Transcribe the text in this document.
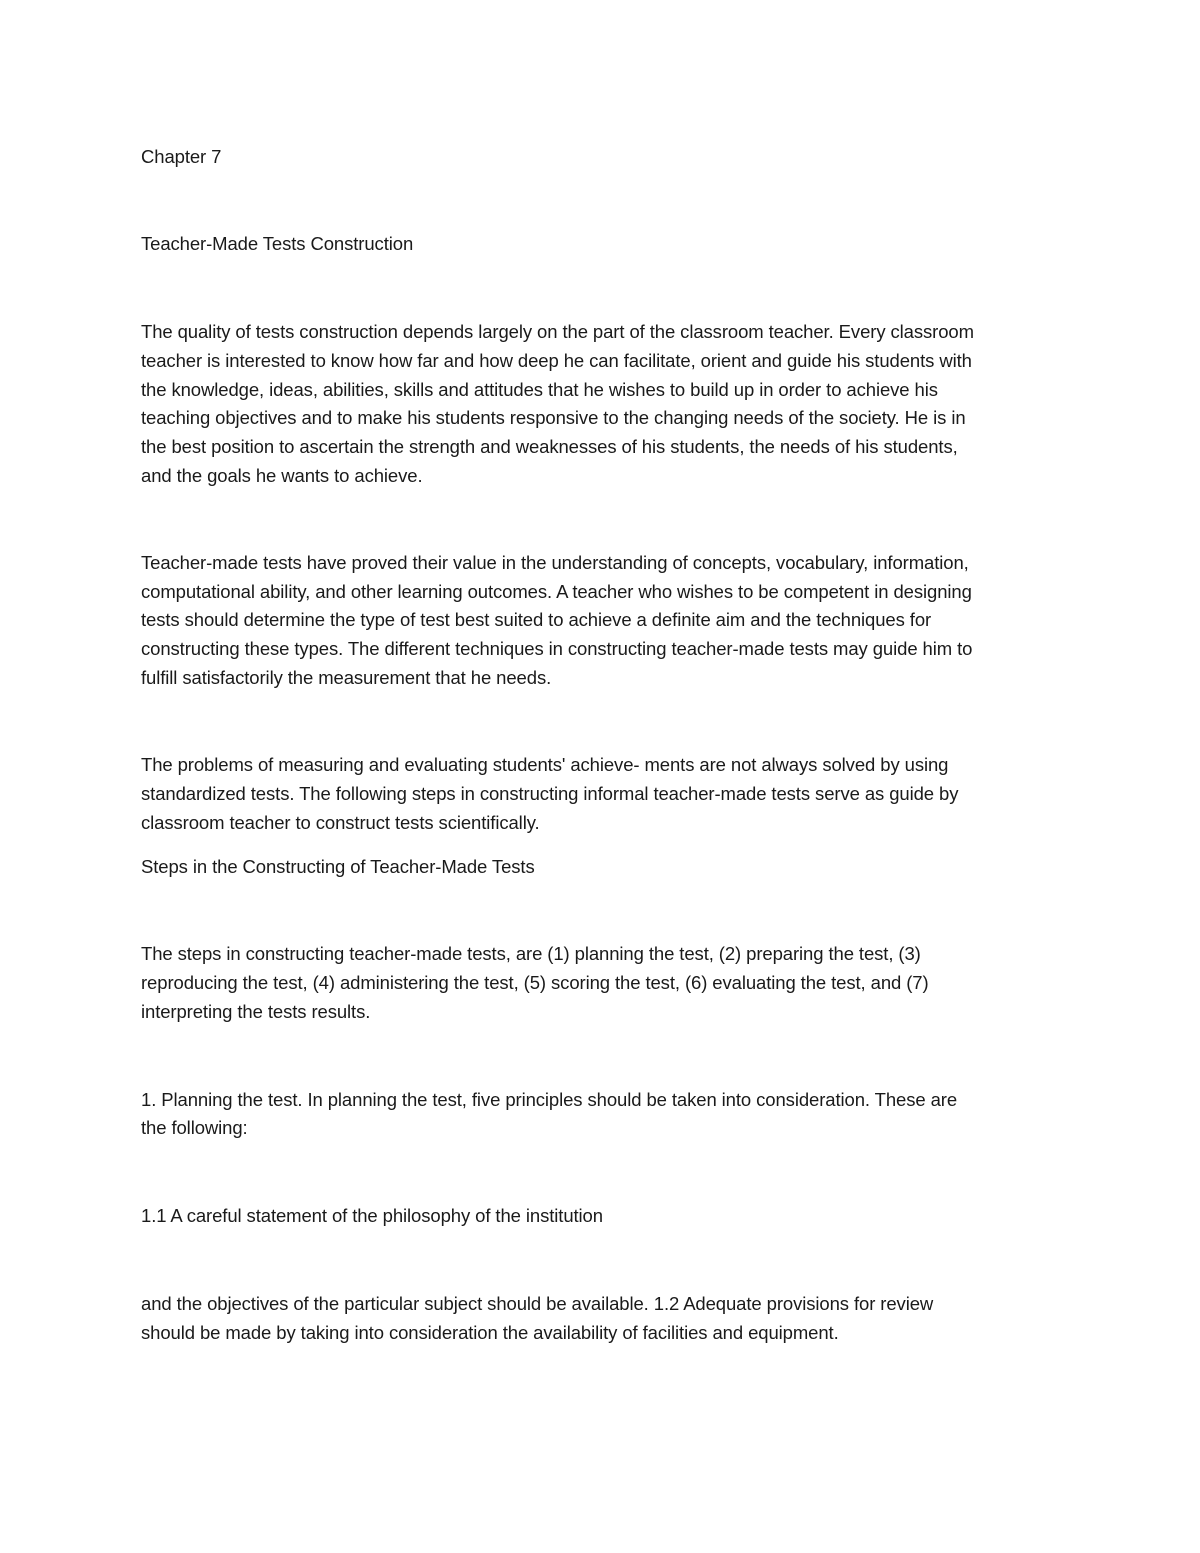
Chapter 7

Teacher-Made Tests Construction

The quality of tests construction depends largely on the part of the classroom teacher. Every classroom

teacher is interested to know how far and how deep he can facilitate, orient and guide his students with

the knowledge, ideas, abilities, skills and attitudes that he wishes to build up in order to achieve his

teaching objectives and to make his students responsive to the changing needs of the society. He is in

the best position to ascertain the strength and weaknesses of his students, the needs of his students,

and the goals he wants to achieve.

Teacher-made tests have proved their value in the understanding of concepts, vocabulary, information,

computational ability, and other learning outcomes. A teacher who wishes to be competent in designing

tests should determine the type of test best suited to achieve a definite aim and the techniques for

constructing these types. The different techniques in constructing teacher-made tests may guide him to

fulfill satisfactorily the measurement that he needs.

The problems of measuring and evaluating students' achieve- ments are not always solved by using

standardized tests. The following steps in constructing informal teacher-made tests serve as guide by

classroom teacher to construct tests scientifically.

Steps in the Constructing of Teacher-Made Tests

The steps in constructing teacher-made tests, are (1) planning the test, (2) preparing the test, (3)

reproducing the test, (4) administering the test, (5) scoring the test, (6) evaluating the test, and (7)

interpreting the tests results.

1. Planning the test. In planning the test, five principles should be taken into consideration. These are

the following:

1.1 A careful statement of the philosophy of the institution

and the objectives of the particular subject should be available. 1.2 Adequate provisions for review

should be made by taking into consideration the availability of facilities and equipment.
